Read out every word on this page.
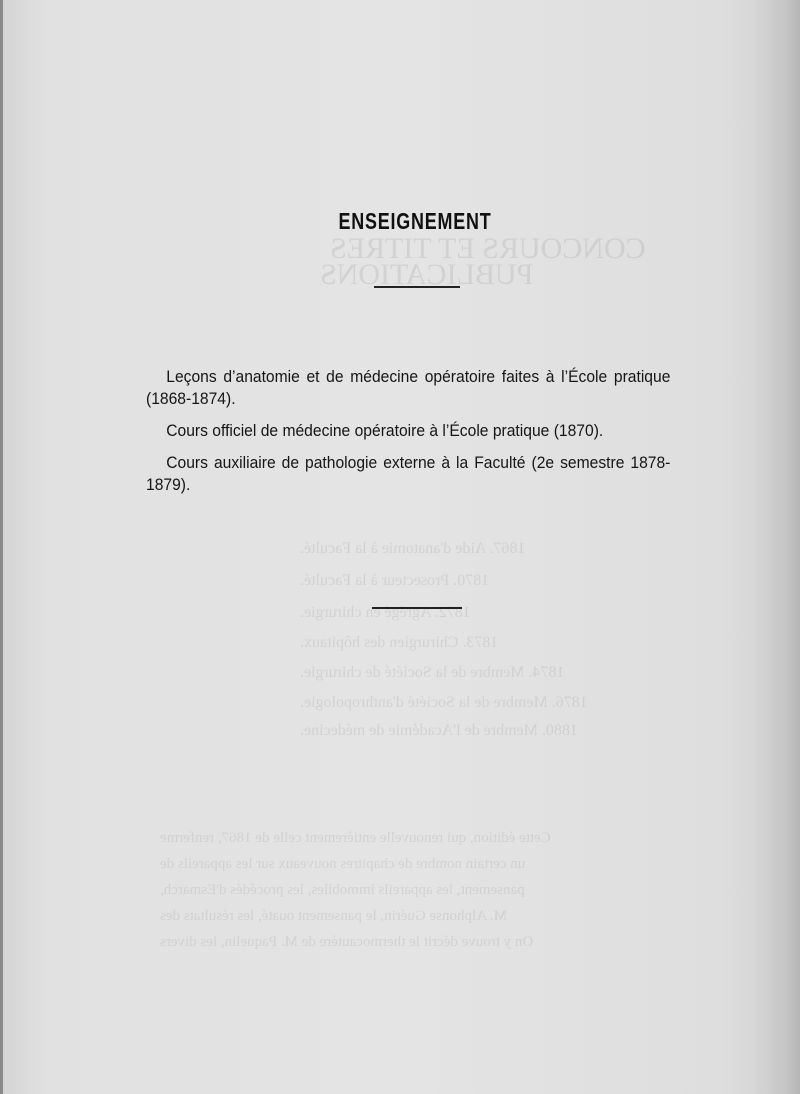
CONCOURS ET TITRES
PUBLICATIONS
1867. Aide d'anatomie à la Faculté.
1870. Prosecteur à la Faculté.
1872. Agrégé en chirurgie.
1873. Chirurgien des hôpitaux.
1874. Membre de la Société de chirurgie.
1876. Membre de la Société d'anthropologie.
1880. Membre de l'Académie de médecine.
Cette édition, qui renouvelle entièrement celle de 1867, renferme
un certain nombre de chapitres nouveaux sur les appareils de
pansement, les appareils immobiles, les procédés d'Esmarch,
M. Alphonse Guérin, le pansement ouaté, les résultats des
On y trouve décrit le thermocautère de M. Paquelin, les divers
ENSEIGNEMENT

Leçons d’anatomie et de médecine opératoire faites à l’École pratique (1868-1874).

Cours officiel de médecine opératoire à l’École pratique (1870).

Cours auxiliaire de pathologie externe à la Faculté (2e semestre 1878-1879).
